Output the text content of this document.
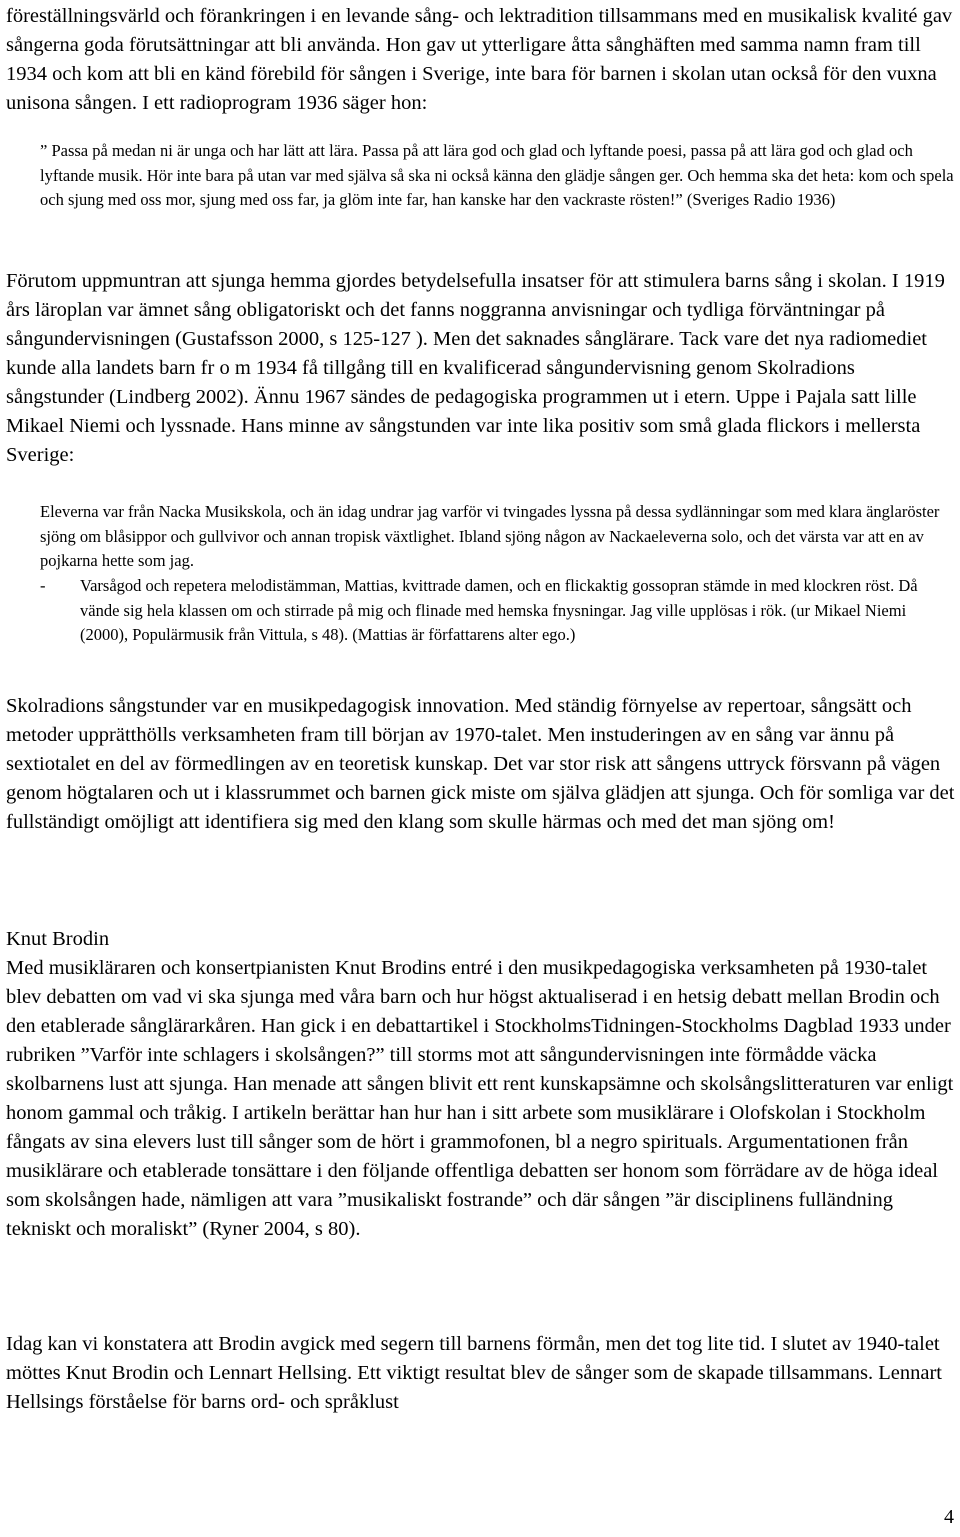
föreställningsvärld och förankringen i en levande sång- och lektradition tillsammans med en musikalisk kvalité gav sångerna goda förutsättningar att bli använda. Hon gav ut ytterligare åtta sånghäften med samma namn fram till 1934 och kom att bli en känd förebild för sången i Sverige, inte bara för barnen i skolan utan också för den vuxna unisona sången. I ett radioprogram 1936 säger hon:

” Passa på medan ni är unga och har lätt att lära. Passa på att lära god och glad och lyftande poesi, passa på att lära god och glad och lyftande musik. Hör inte bara på utan var med själva så ska ni också känna den glädje sången ger. Och hemma ska det heta: kom och spela och sjung med oss mor, sjung med oss far, ja glöm inte far, han kanske har den vackraste rösten!” (Sveriges Radio 1936)

Förutom uppmuntran att sjunga hemma gjordes betydelsefulla insatser för att stimulera barns sång i skolan. I 1919 års läroplan var ämnet sång obligatoriskt och det fanns noggranna anvisningar och tydliga förväntningar på sångundervisningen (Gustafsson 2000, s 125-127 ). Men det saknades sånglärare. Tack vare det nya radiomediet kunde alla landets barn fr o m 1934 få tillgång till en kvalificerad sångundervisning genom Skolradions sångstunder (Lindberg 2002). Ännu 1967 sändes de pedagogiska programmen ut i etern. Uppe i Pajala satt lille Mikael Niemi och lyssnade. Hans minne av sångstunden var inte lika positiv som små glada flickors i mellersta Sverige:

Eleverna var från Nacka Musikskola, och än idag undrar jag varför vi tvingades lyssna på dessa sydlänningar som med klara änglaröster sjöng om blåsippor och gullvivor och annan tropisk växtlighet. Ibland sjöng någon av Nackaeleverna solo, och det värsta var att en av pojkarna hette som jag.

- Varsågod och repetera melodistämman, Mattias, kvittrade damen, och en flickaktig gossopran stämde in med klockren röst. Då vände sig hela klassen om och stirrade på mig och flinade med hemska fnysningar. Jag ville upplösas i rök. (ur Mikael Niemi (2000), Populärmusik från Vittula, s 48). (Mattias är författarens alter ego.)

Skolradions sångstunder var en musikpedagogisk innovation. Med ständig förnyelse av repertoar, sångsätt och metoder upprätthölls verksamheten fram till början av 1970-talet. Men instuderingen av en sång var ännu på sextiotalet en del av förmedlingen av en teoretisk kunskap. Det var stor risk att sångens uttryck försvann på vägen genom högtalaren och ut i klassrummet och barnen gick miste om själva glädjen att sjunga. Och för somliga var det fullständigt omöjligt att identifiera sig med den klang som skulle härmas och med det man sjöng om!

Knut Brodin

Med musikläraren och konsertpianisten Knut Brodins entré i den musikpedagogiska verksamheten på 1930-talet blev debatten om vad vi ska sjunga med våra barn och hur högst aktualiserad i en hetsig debatt mellan Brodin och den etablerade sånglärarkåren. Han gick i en debattartikel i StockholmsTidningen-Stockholms Dagblad 1933 under rubriken ”Varför inte schlagers i skolsången?” till storms mot att sångundervisningen inte förmådde väcka skolbarnens lust att sjunga. Han menade att sången blivit ett rent kunskapsämne och skolsångslitteraturen var enligt honom gammal och tråkig. I artikeln berättar han hur han i sitt arbete som musiklärare i Olofskolan i Stockholm fångats av sina elevers lust till sånger som de hört i grammofonen, bl a negro spirituals. Argumentationen från musiklärare och etablerade tonsättare i den följande offentliga debatten ser honom som förrädare av de höga ideal som skolsången hade, nämligen att vara ”musikaliskt fostrande” och där sången ”är disciplinens fulländning tekniskt och moraliskt” (Ryner 2004, s 80).

Idag kan vi konstatera att Brodin avgick med segern till barnens förmån, men det tog lite tid. I slutet av 1940-talet möttes Knut Brodin och Lennart Hellsing. Ett viktigt resultat blev de sånger som de skapade tillsammans. Lennart Hellsings förståelse för barns ord- och språklust

4
